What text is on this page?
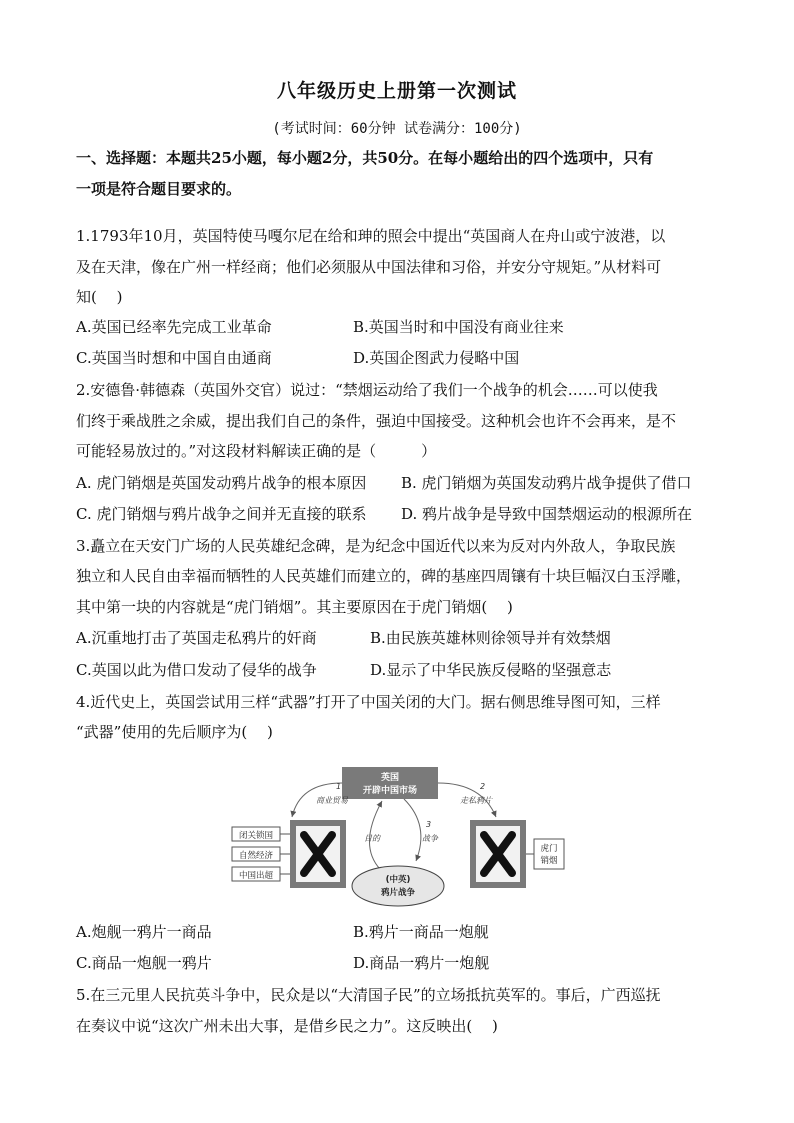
八年级历史上册第一次测试
(考试时间：60分钟 试卷满分：100分)
一、选择题：本题共25小题，每小题2分，共50分。在每小题给出的四个选项中，只有
一项是符合题目要求的。
1.1793年10月，英国特使马嘎尔尼在给和珅的照会中提出“英国商人在舟山或宁波港，以
及在天津，像在广州一样经商；他们必须服从中国法律和习俗，并安分守规矩。”从材料可
知(　 )
A.英国已经率先完成工业革命	B.英国当时和中国没有商业往来
C.英国当时想和中国自由通商	D.英国企图武力侵略中国
2.安德鲁·韩德森（英国外交官）说过：“禁烟运动给了我们一个战争的机会……可以使我
们终于乘战胜之余威，提出我们自己的条件，强迫中国接受。这种机会也许不会再来，是不
可能轻易放过的。”对这段材料解读正确的是（　　　）
A. 虎门销烟是英国发动鸦片战争的根本原因 B. 虎门销烟为英国发动鸦片战争提供了借口
C. 虎门销烟与鸦片战争之间并无直接的联系 D. 鸦片战争是导致中国禁烟运动的根源所在
3.矗立在天安门广场的人民英雄纪念碑，是为纪念中国近代以来为反对内外敌人，争取民族
独立和人民自由幸福而牺牲的人民英雄们而建立的，碑的基座四周镶有十块巨幅汉白玉浮雕，
其中第一块的内容就是“虎门销烟”。其主要原因在于虎门销烟(　 )
A.沉重地打击了英国走私鸦片的奸商	B.由民族英雄林则徐领导并有效禁烟
C.英国以此为借口发动了侵华的战争	D.显示了中华民族反侵略的坚强意志
4.近代史上，英国尝试用三样“武器”打开了中国关闭的大门。据右侧思维导图可知，三样
“武器”使用的先后顺序为(　 )
英国
开辟中国市场
1
商业贸易
2
走私鸦片
3
战争
目的
闭关锁国
自然经济
中国出超
虎门
销烟
(中英)
鸦片战争
A.炮舰一鸦片一商品	B.鸦片一商品一炮舰
C.商品一炮舰一鸦片	D.商品一鸦片一炮舰
5.在三元里人民抗英斗争中，民众是以“大清国子民”的立场抵抗英军的。事后，广西巡抚
在奏议中说“这次广州未出大事，是借乡民之力”。这反映出(　 )
